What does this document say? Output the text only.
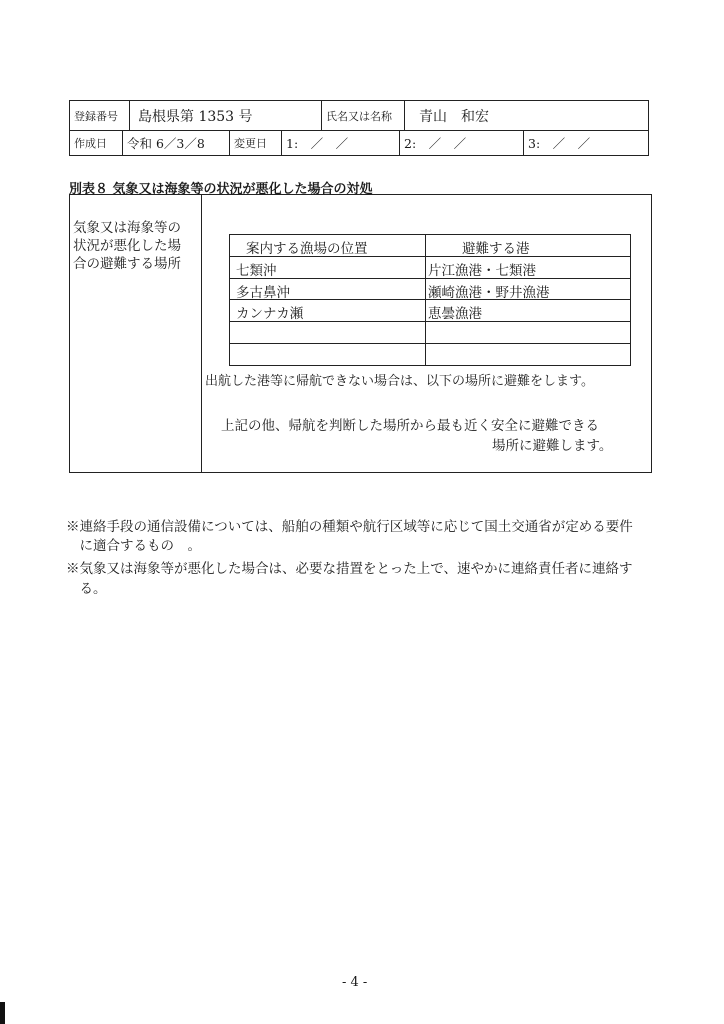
登録番号	島根県第 1353 号	氏名又は名称	青山　和宏
作成日	令和 6／3／8	変更日	1:　／　／	2:　／　／	3:　／　／
別表８ 気象又は海象等の状況が悪化した場合の対処
気象又は海象等の
状況が悪化した場
合の避難する場所
案内する漁場の位置	避難する港
七類沖	片江漁港・七類港
多古鼻沖	瀬崎漁港・野井漁港
カンナカ瀬	恵曇漁港
出航した港等に帰航できない場合は、以下の場所に避難をします。
上記の他、帰航を判断した場所から最も近く安全に避難できる
場所に避難します。
※連絡手段の通信設備については、船舶の種類や航行区域等に応じて国土交通省が定める要件
　に適合するもの　。
※気象又は海象等が悪化した場合は、必要な措置をとった上で、速やかに連絡責任者に連絡す
　る。
- 4 -
